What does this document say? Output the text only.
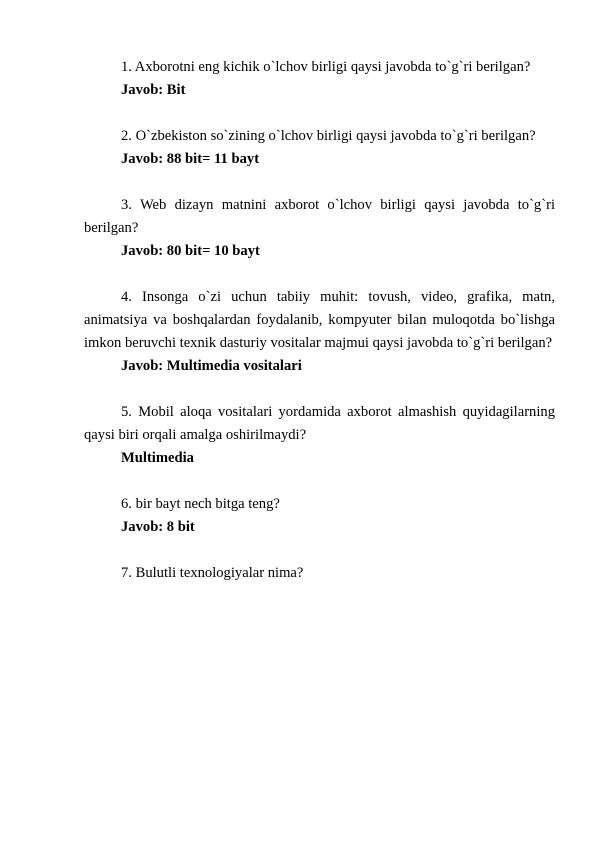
1. Axborotni eng kichik o`lchov birligi qaysi javobda to`g`ri berilgan?

Javob: Bit

2. O`zbekiston so`zining o`lchov birligi qaysi javobda to`g`ri berilgan?

Javob: 88 bit= 11 bayt

3. Web dizayn matnini axborot o`lchov birligi qaysi javobda to`g`ri berilgan?

Javob: 80 bit= 10 bayt

4. Insonga o`zi uchun tabiiy muhit: tovush, video, grafika, matn, animatsiya va boshqalardan foydalanib, kompyuter bilan muloqotda bo`lishga imkon beruvchi texnik dasturiy vositalar majmui qaysi javobda to`g`ri berilgan?

Javob: Multimedia vositalari

5. Mobil aloqa vositalari yordamida axborot almashish quyidagilarning qaysi biri orqali amalga oshirilmaydi?

Multimedia

6. bir bayt nech bitga teng?

Javob: 8 bit

7. Bulutli texnologiyalar nima?
